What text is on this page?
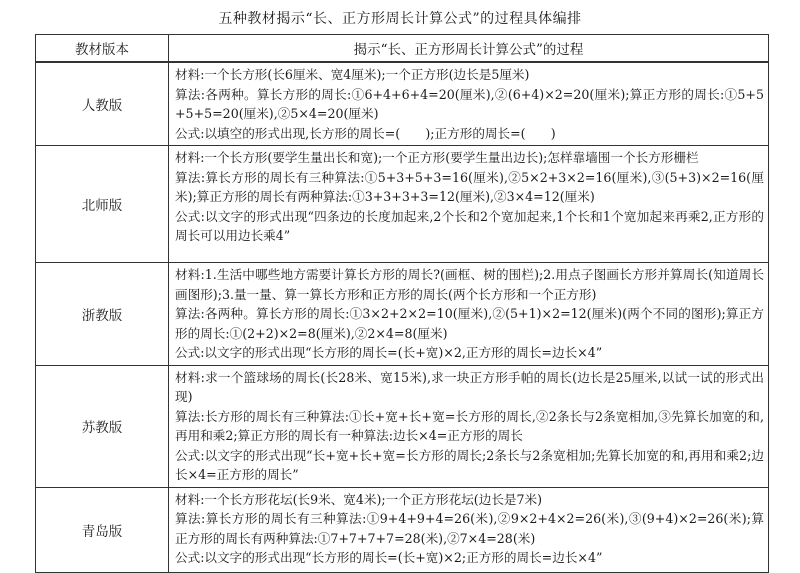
五种教材揭示“长、正方形周长计算公式”的过程具体编排
教材版本	揭示“长、正方形周长计算公式”的过程
人教版	材料:一个长方形(长6厘米、宽4厘米);一个正方形(边长是5厘米)
算法:各两种。算长方形的周长:①6+4+6+4=20(厘米),②(6+4)×2=20(厘米);算正方形的周长:①5+5+5+5=20(厘米),②5×4=20(厘米)
公式:以填空的形式出现,长方形的周长=(　　);正方形的周长=(　　)

北师版	材料:一个长方形(要学生量出长和宽);一个正方形(要学生量出边长);怎样靠墙围一个长方形栅栏
算法:算长方形的周长有三种算法:①5+3+5+3=16(厘米),②5×2+3×2=16(厘米),③(5+3)×2=16(厘米);算正方形的周长有两种算法:①3+3+3+3=12(厘米),②3×4=12(厘米)
公式:以文字的形式出现“四条边的长度加起来,2个长和2个宽加起来,1个长和1个宽加起来再乘2,正方形的周长可以用边长乘4”

浙教版	材料:1.生活中哪些地方需要计算长方形的周长?(画框、树的围栏);2.用点子图画长方形并算周长(知道周长画图形);3.量一量、算一算长方形和正方形的周长(两个长方形和一个正方形)
算法:各两种。算长方形的周长:①3×2+2×2=10(厘米),②(5+1)×2=12(厘米)(两个不同的图形);算正方形的周长:①(2+2)×2=8(厘米),②2×4=8(厘米)
公式:以文字的形式出现“长方形的周长=(长+宽)×2,正方形的周长=边长×4”

苏教版	材料:求一个篮球场的周长(长28米、宽15米),求一块正方形手帕的周长(边长是25厘米,以试一试的形式出现)
算法:长方形的周长有三种算法:①长+宽+长+宽=长方形的周长,②2条长与2条宽相加,③先算长加宽的和,再用和乘2;算正方形的周长有一种算法:边长×4=正方形的周长
公式:以文字的形式出现“长+宽+长+宽=长方形的周长;2条长与2条宽相加;先算长加宽的和,再用和乘2;边长×4=正方形的周长”

青岛版	材料:一个长方形花坛(长9米、宽4米);一个正方形花坛(边长是7米)
算法:算长方形的周长有三种算法:①9+4+9+4=26(米),②9×2+4×2=26(米),③(9+4)×2=26(米);算正方形的周长有两种算法:①7+7+7+7=28(米),②7×4=28(米)
公式:以文字的形式出现“长方形的周长=(长+宽)×2;正方形的周长=边长×4”
